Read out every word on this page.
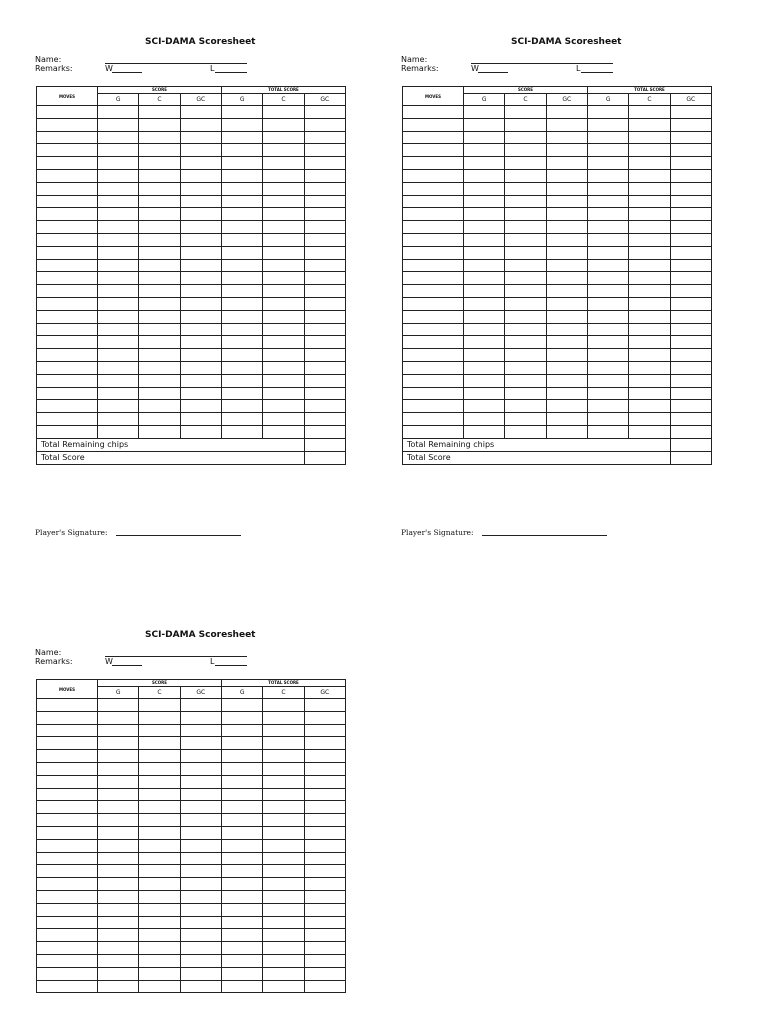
SCI-DAMA Scoresheet
Name:
Remarks:	W	L
MOVES	SCORE			TOTAL SCORE		
	G	C	GC	G	C	GC

Total Remaining chips						
Total Score						
Player's Signature:
SCI-DAMA Scoresheet
Name:
Remarks:	W	L
MOVES	SCORE			TOTAL SCORE		
	G	C	GC	G	C	GC

Total Remaining chips						
Total Score						
Player's Signature:
SCI-DAMA Scoresheet
Name:
Remarks:	W	L
MOVES	SCORE			TOTAL SCORE		
	G	C	GC	G	C	GC
